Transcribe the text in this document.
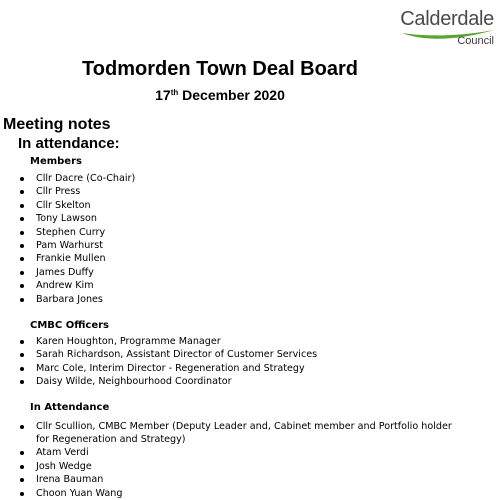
Calderdale
Council
Todmorden Town Deal Board
17th December 2020
Meeting notes
In attendance:
Members
Cllr Dacre (Co-Chair)
Cllr Press
Cllr Skelton
Tony Lawson
Stephen Curry
Pam Warhurst
Frankie Mullen
James Duffy
Andrew Kim
Barbara Jones
CMBC Officers
Karen Houghton, Programme Manager
Sarah Richardson, Assistant Director of Customer Services
Marc Cole, Interim Director - Regeneration and Strategy
Daisy Wilde, Neighbourhood Coordinator
In Attendance
Cllr Scullion, CMBC Member (Deputy Leader and, Cabinet member and Portfolio holder for Regeneration and Strategy)
Atam Verdi
Josh Wedge
Irena Bauman
Choon Yuan Wang
